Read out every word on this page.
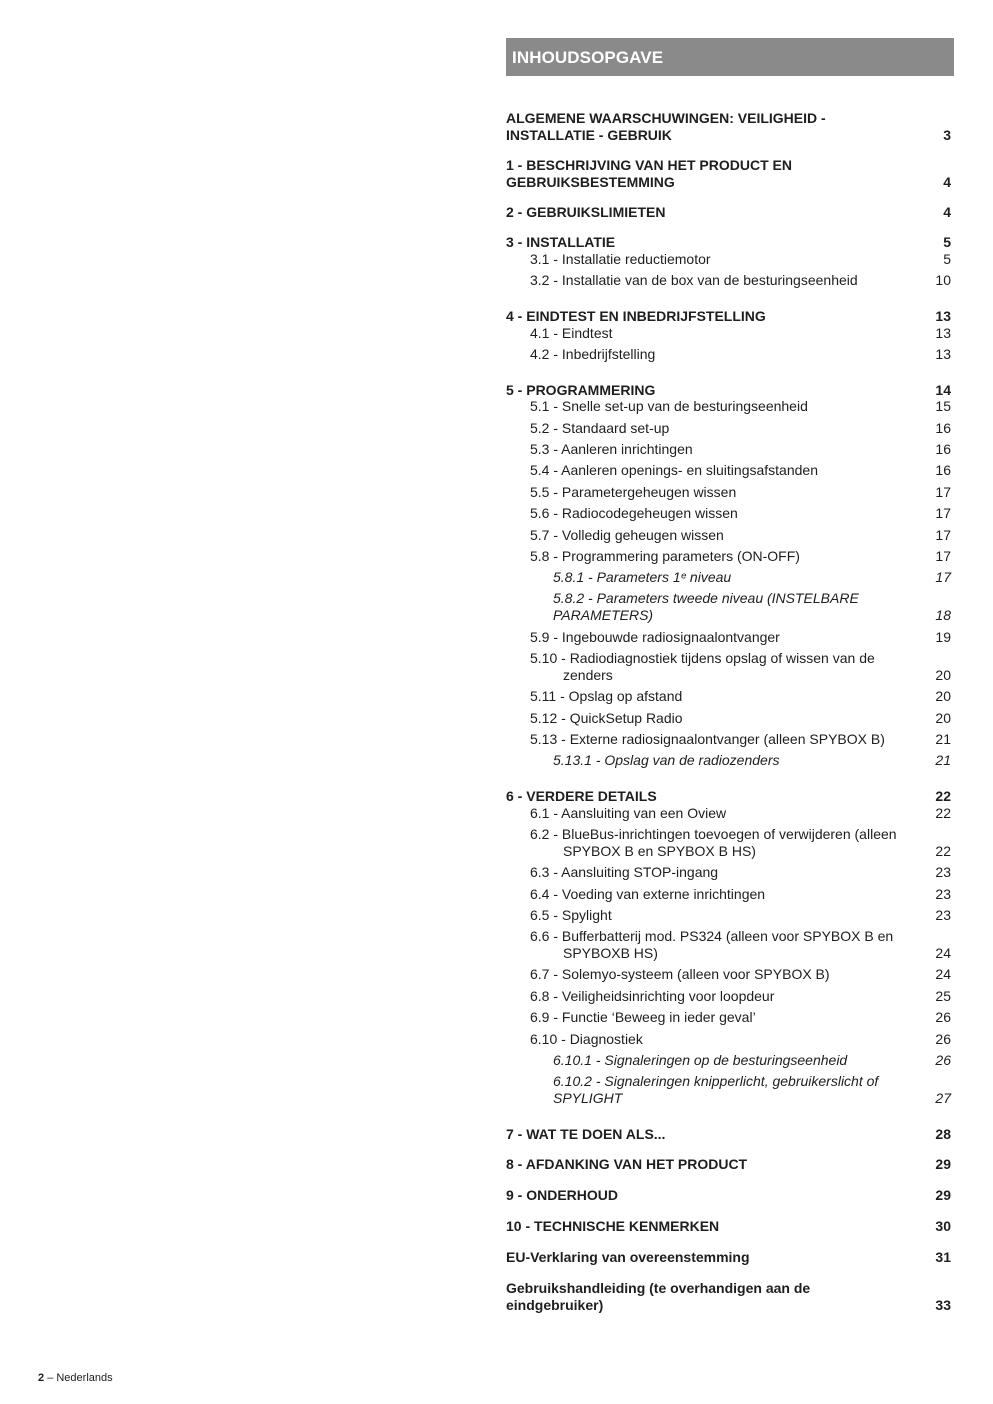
INHOUDSOPGAVE
ALGEMENE WAARSCHUWINGEN: VEILIGHEID - INSTALLATIE - GEBRUIK	3
1 - BESCHRIJVING VAN HET PRODUCT EN GEBRUIKSBESTEMMING	4
2 - GEBRUIKSLIMIETEN	4
3 - INSTALLATIE	5
3.1 - Installatie reductiemotor	5
3.2 - Installatie van de box van de besturingseenheid	10
4 - EINDTEST EN INBEDRIJFSTELLING	13
4.1 - Eindtest	13
4.2 - Inbedrijfstelling	13
5 - PROGRAMMERING	14
5.1 - Snelle set-up van de besturingseenheid	15
5.2 - Standaard set-up	16
5.3 - Aanleren inrichtingen	16
5.4 - Aanleren openings- en sluitingsafstanden	16
5.5 - Parametergeheugen wissen	17
5.6 - Radiocodegeheugen wissen	17
5.7 - Volledig geheugen wissen	17
5.8 - Programmering parameters (ON-OFF)	17
5.8.1 - Parameters 1ᵉ niveau	17
5.8.2 - Parameters tweede niveau (INSTELBARE PARAMETERS)	18
5.9 - Ingebouwde radiosignaalontvanger	19
5.10 - Radiodiagnostiek tijdens opslag of wissen van de zenders	20
5.11 - Opslag op afstand	20
5.12 - QuickSetup Radio	20
5.13 - Externe radiosignaalontvanger (alleen SPYBOX B)	21
5.13.1 - Opslag van de radiozenders	21
6 - VERDERE DETAILS	22
6.1 - Aansluiting van een Oview	22
6.2 - BlueBus-inrichtingen toevoegen of verwijderen (alleen SPYBOX B en SPYBOX B HS)	22
6.3 - Aansluiting STOP-ingang	23
6.4 - Voeding van externe inrichtingen	23
6.5 - Spylight	23
6.6 - Bufferbatterij mod. PS324 (alleen voor SPYBOX B en SPYBOXB HS)	24
6.7 - Solemyo-systeem (alleen voor SPYBOX B)	24
6.8 - Veiligheidsinrichting voor loopdeur	25
6.9 - Functie ‘Beweeg in ieder geval’	26
6.10 - Diagnostiek	26
6.10.1 - Signaleringen op de besturingseenheid	26
6.10.2 - Signaleringen knipperlicht, gebruikerslicht of SPYLIGHT	27
7 - WAT TE DOEN ALS...	28
8 - AFDANKING VAN HET PRODUCT	29
9 - ONDERHOUD	29
10 - TECHNISCHE KENMERKEN	30
EU-Verklaring van overeenstemming	31
Gebruikshandleiding (te overhandigen aan de eindgebruiker)	33
2 – Nederlands
